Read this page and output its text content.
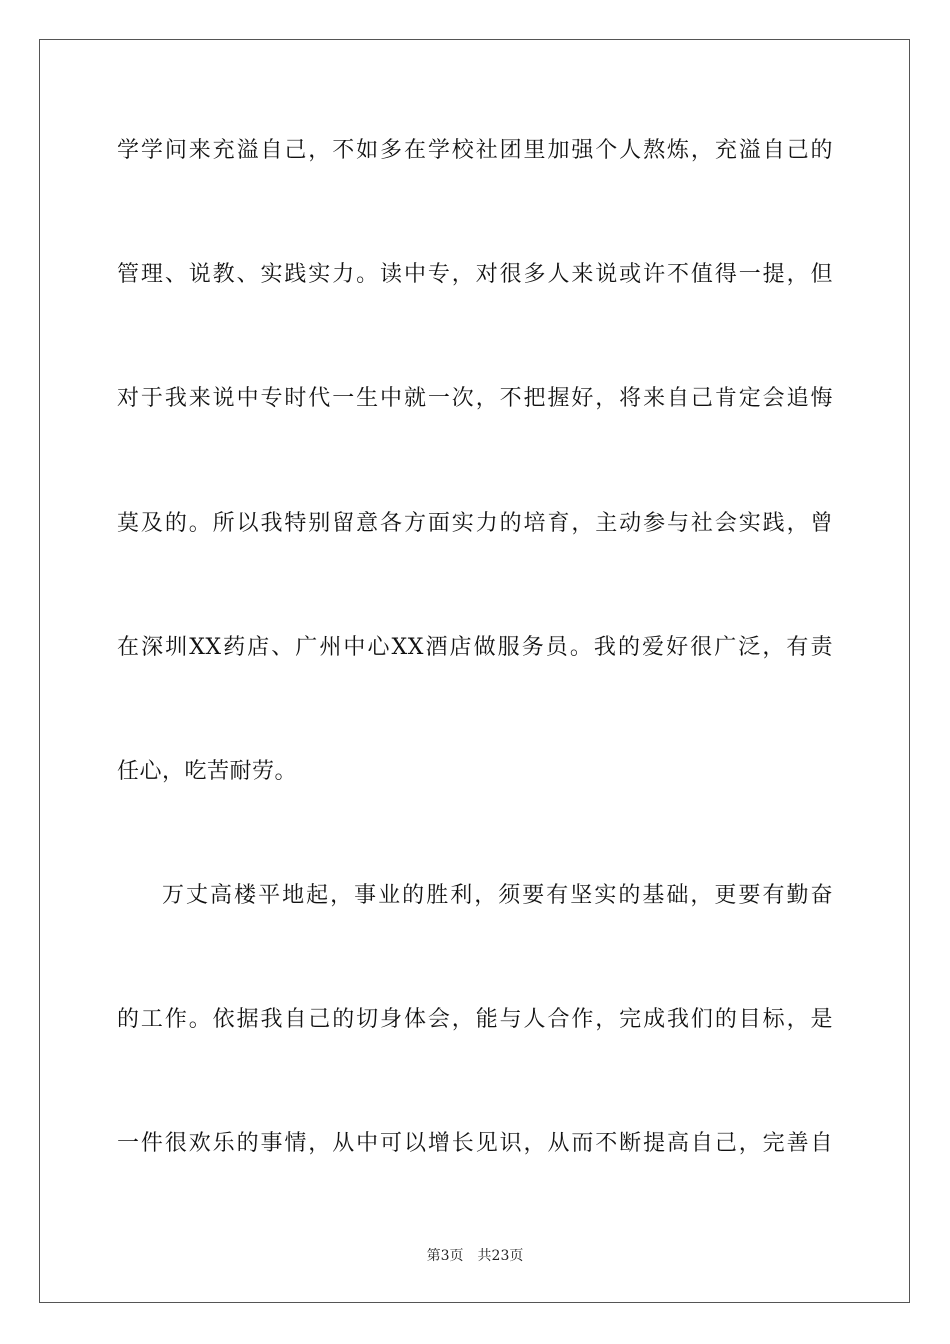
学学问来充溢自己，不如多在学校社团里加强个人熬炼，充溢自己的
管理、说教、实践实力。读中专，对很多人来说或许不值得一提，但
对于我来说中专时代一生中就一次，不把握好，将来自己肯定会追悔
莫及的。所以我特别留意各方面实力的培育，主动参与社会实践，曾
在深圳XX药店、广州中心XX酒店做服务员。我的爱好很广泛，有责
任心，吃苦耐劳。
万丈高楼平地起，事业的胜利，须要有坚实的基础，更要有勤奋
的工作。依据我自己的切身体会，能与人合作，完成我们的目标，是
一件很欢乐的事情，从中可以增长见识，从而不断提高自己，完善自
第3页 共23页
